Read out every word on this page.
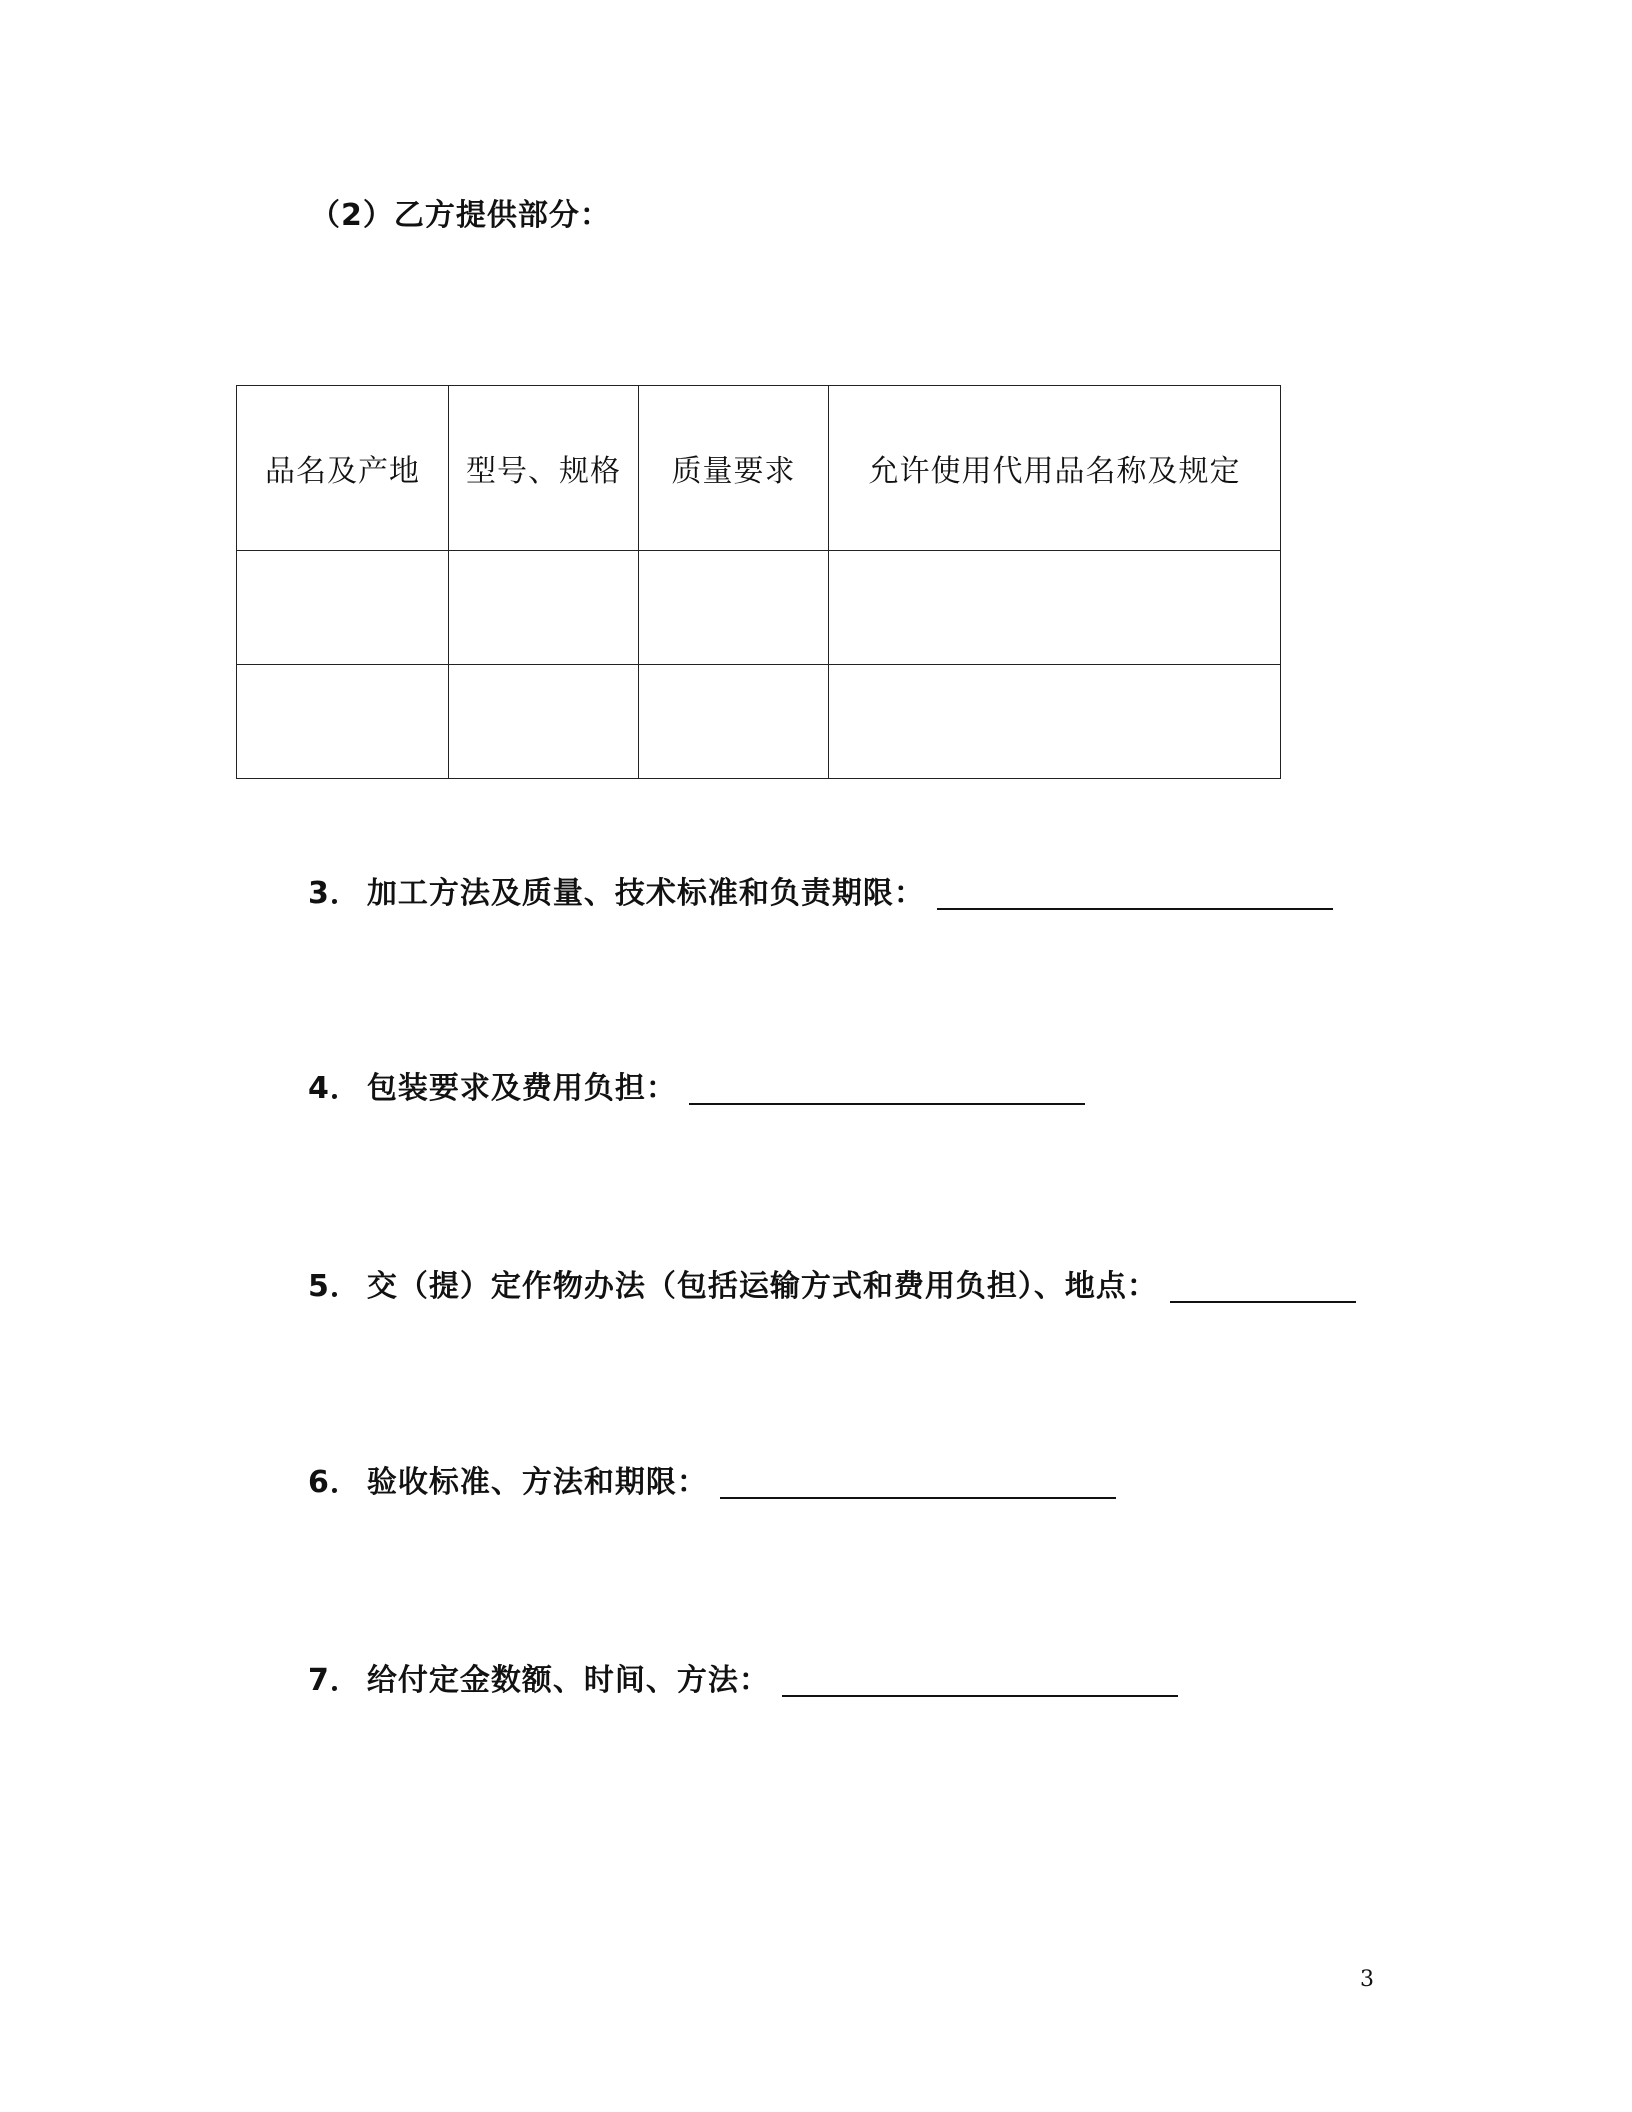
（2）乙方提供部分：
品名及产地	型号、规格	质量要求	允许使用代用品名称及规定

3． 加工方法及质量、技术标准和负责期限：
4． 包装要求及费用负担：
5． 交（提）定作物办法（包括运输方式和费用负担）、地点：
6． 验收标准、方法和期限：
7． 给付定金数额、时间、方法：
3
